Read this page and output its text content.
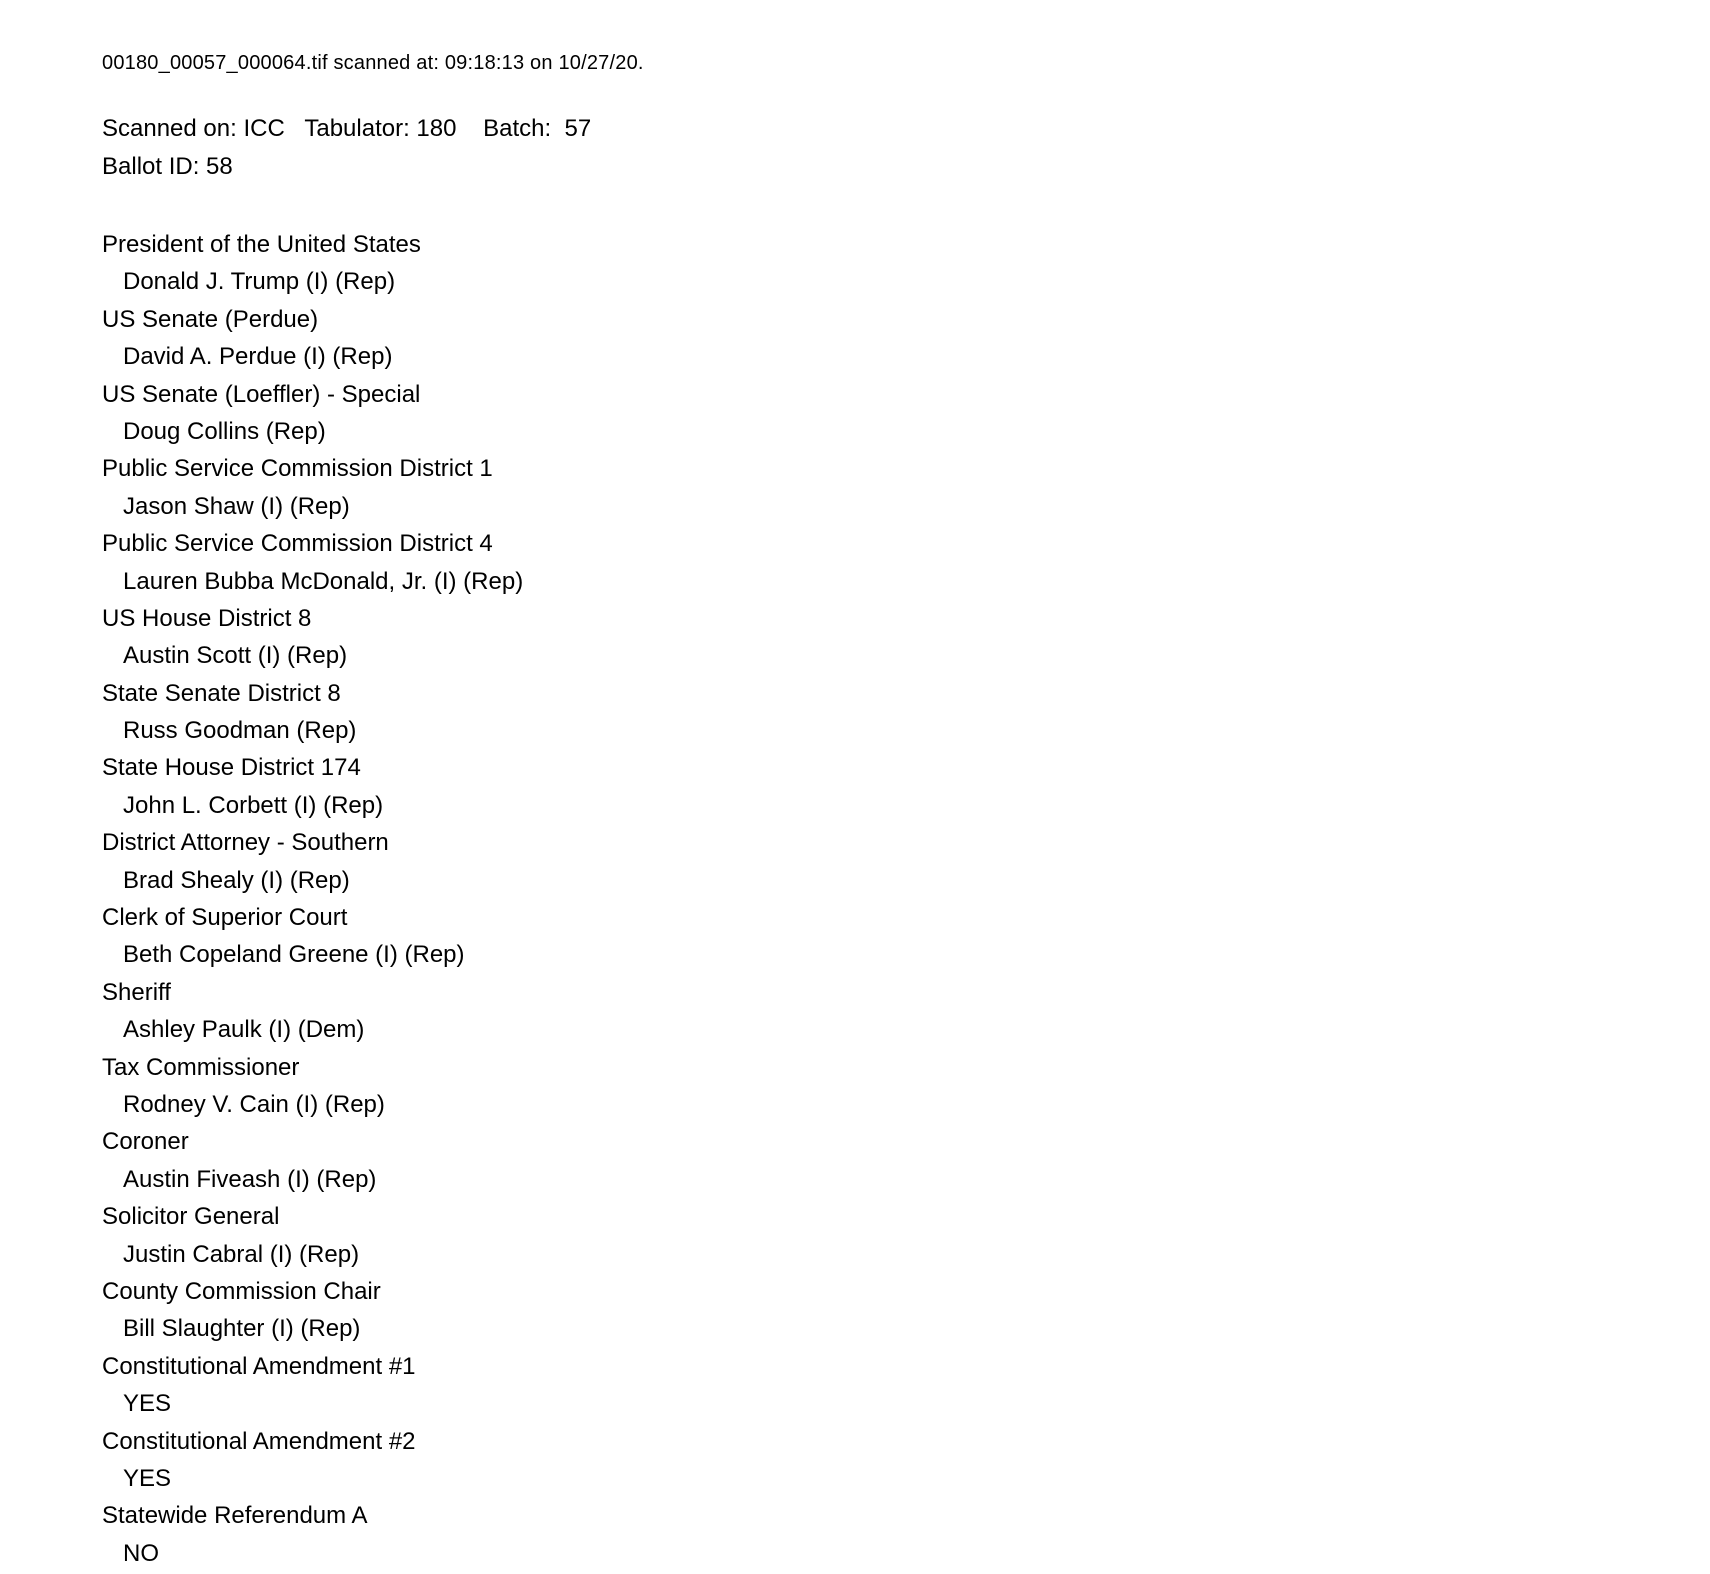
00180_00057_000064.tif scanned at: 09:18:13 on 10/27/20.
Scanned on: ICC Tabulator: 180 Batch:  57
Ballot ID: 58
President of the United States
Donald J. Trump (I) (Rep)
US Senate (Perdue)
David A. Perdue (I) (Rep)
US Senate (Loeffler) - Special
Doug Collins (Rep)
Public Service Commission District 1
Jason Shaw (I) (Rep)
Public Service Commission District 4
Lauren Bubba McDonald, Jr. (I) (Rep)
US House District 8
Austin Scott (I) (Rep)
State Senate District 8
Russ Goodman (Rep)
State House District 174
John L. Corbett (I) (Rep)
District Attorney - Southern
Brad Shealy (I) (Rep)
Clerk of Superior Court
Beth Copeland Greene (I) (Rep)
Sheriff
Ashley Paulk (I) (Dem)
Tax Commissioner
Rodney V. Cain (I) (Rep)
Coroner
Austin Fiveash (I) (Rep)
Solicitor General
Justin Cabral (I) (Rep)
County Commission Chair
Bill Slaughter (I) (Rep)
Constitutional Amendment #1
YES
Constitutional Amendment #2
YES
Statewide Referendum A
NO
